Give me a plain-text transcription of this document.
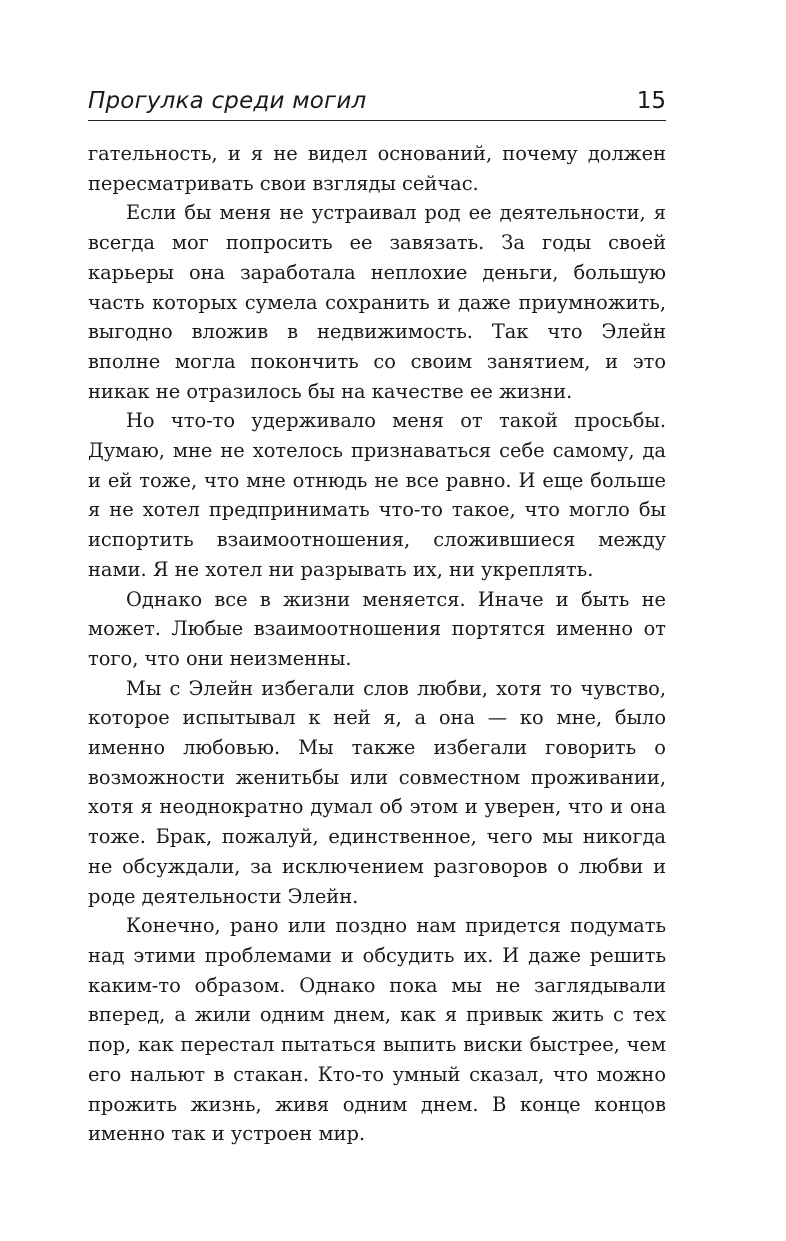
Прогулка среди могил	15

гательность, и я не видел оснований, почему должен пересматривать свои взгляды сейчас.

Если бы меня не устраивал род ее деятельности, я всегда мог попросить ее завязать. За годы своей карьеры она заработала неплохие деньги, большую часть которых сумела сохранить и даже приумножить, выгодно вложив в недвижимость. Так что Элейн вполне могла покончить со своим занятием, и это никак не отразилось бы на качестве ее жизни.

Но что-то удерживало меня от такой просьбы. Думаю, мне не хотелось признаваться себе самому, да и ей тоже, что мне отнюдь не все равно. И еще больше я не хотел предпринимать что-то такое, что могло бы испортить взаимоотношения, сложившиеся между нами. Я не хотел ни разрывать их, ни укреплять.

Однако все в жизни меняется. Иначе и быть не может. Любые взаимоотношения портятся именно от того, что они неизменны.

Мы с Элейн избегали слов любви, хотя то чувство, которое испытывал к ней я, а она — ко мне, было именно любовью. Мы также избегали говорить о возможности женитьбы или совместном проживании, хотя я неоднократно думал об этом и уверен, что и она тоже. Брак, пожалуй, единственное, чего мы никогда не обсуждали, за исключением разговоров о любви и роде деятельности Элейн.

Конечно, рано или поздно нам придется подумать над этими проблемами и обсудить их. И даже решить каким-то образом. Однако пока мы не заглядывали вперед, а жили одним днем, как я привык жить с тех пор, как перестал пытаться выпить виски быстрее, чем его нальют в стакан. Кто-то умный сказал, что можно прожить жизнь, живя одним днем. В конце концов именно так и устроен мир.
